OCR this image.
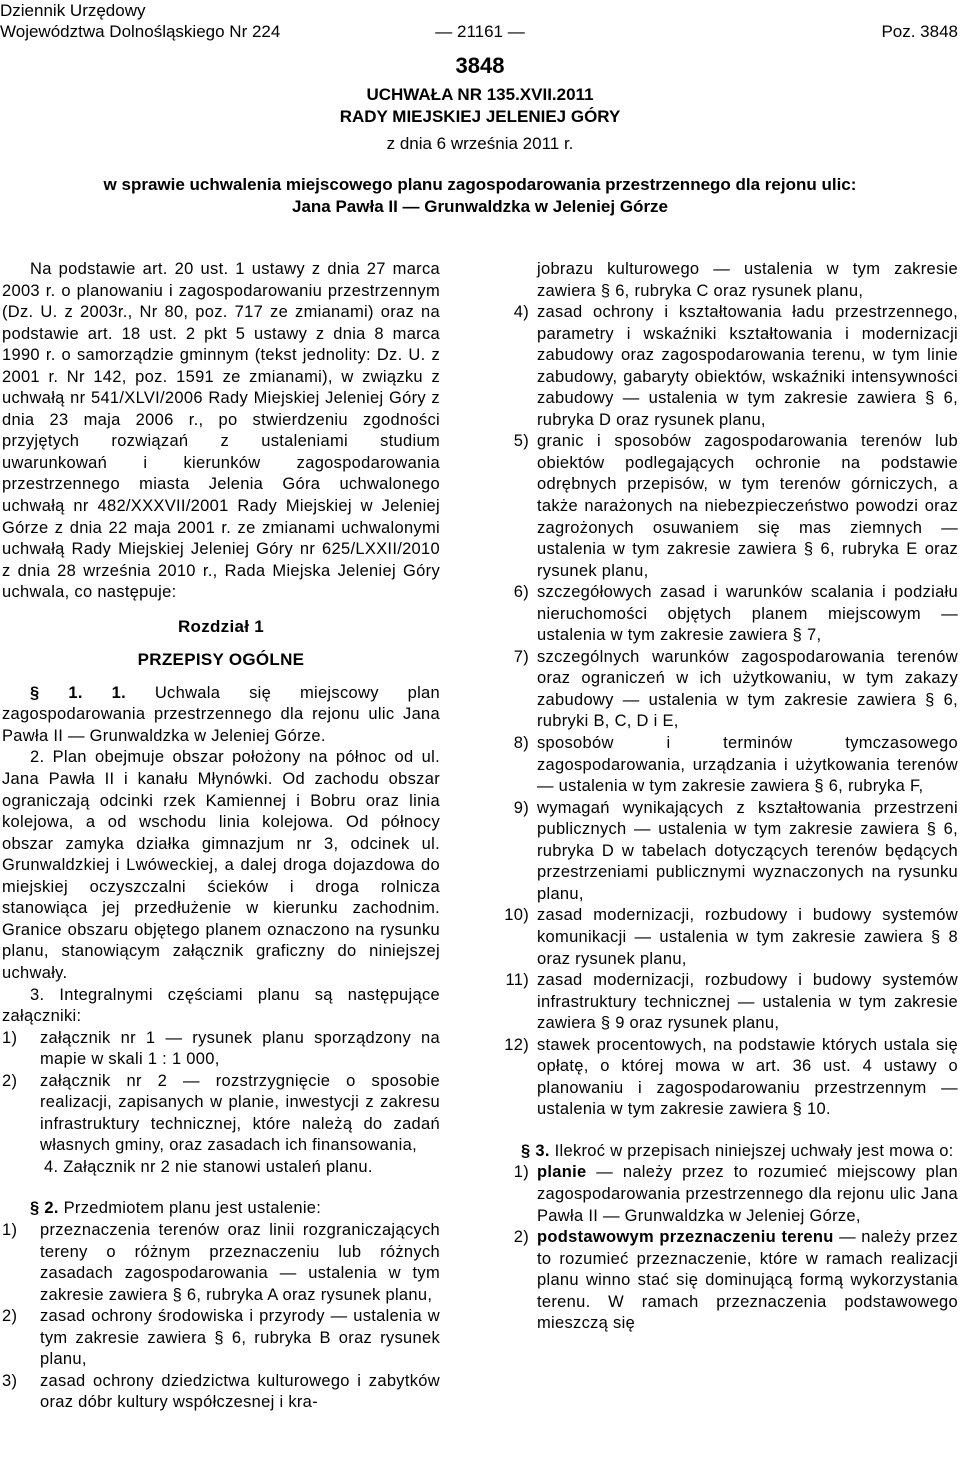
Dziennik Urzędowy
Województwa Dolnośląskiego Nr 224	— 21161 —	Poz. 3848
3848
UCHWAŁA NR 135.XVII.2011
RADY MIEJSKIEJ JELENIEJ GÓRY
z dnia 6 września 2011 r.
w sprawie uchwalenia miejscowego planu zagospodarowania przestrzennego dla rejonu ulic:
Jana Pawła II — Grunwaldzka w Jeleniej Górze

Na podstawie art. 20 ust. 1 ustawy z dnia 27 marca 2003 r. o planowaniu i zagospodarowaniu przestrzennym (Dz. U. z 2003r., Nr 80, poz. 717 ze zmianami) oraz na podstawie art. 18 ust. 2 pkt 5 ustawy z dnia 8 marca 1990 r. o samorządzie gminnym (tekst jednolity: Dz. U. z 2001 r. Nr 142, poz. 1591 ze zmianami), w związku z uchwałą nr 541/XLVI/2006 Rady Miejskiej Jeleniej Góry z dnia 23 maja 2006 r., po stwierdzeniu zgodności przyjętych rozwiązań z ustaleniami studium uwarunkowań i kierunków zagospodarowania przestrzennego miasta Jelenia Góra uchwalonego uchwałą nr 482/XXXVII/2001 Rady Miejskiej w Jeleniej Górze z dnia 22 maja 2001 r. ze zmianami uchwalonymi uchwałą Rady Miejskiej Jeleniej Góry nr 625/LXXII/2010 z dnia 28 września 2010 r., Rada Miejska Jeleniej Góry uchwala, co następuje:

Rozdział 1

PRZEPISY OGÓLNE

§ 1. 1. Uchwala się miejscowy plan zagospodarowania przestrzennego dla rejonu ulic Jana Pawła II — Grunwaldzka w Jeleniej Górze.

2. Plan obejmuje obszar położony na północ od ul. Jana Pawła II i kanału Młynówki. Od zachodu obszar ograniczają odcinki rzek Kamiennej i Bobru oraz linia kolejowa, a od wschodu linia kolejowa. Od północy obszar zamyka działka gimnazjum nr 3, odcinek ul. Grunwaldzkiej i Lwóweckiej, a dalej droga dojazdowa do miejskiej oczyszczalni ścieków i droga rolnicza stanowiąca jej przedłużenie w kierunku zachodnim. Granice obszaru objętego planem oznaczono na rysunku planu, stanowiącym załącznik graficzny do niniejszej uchwały.

3. Integralnymi częściami planu są następujące załączniki:

1)	załącznik nr 1 — rysunek planu sporządzony na mapie w skali 1 : 1 000,
2)	załącznik nr 2 — rozstrzygnięcie o sposobie realizacji, zapisanych w planie, inwestycji z zakresu infrastruktury technicznej, które należą do zadań własnych gminy, oraz zasadach ich finansowania,

4. Załącznik nr 2 nie stanowi ustaleń planu.

§ 2. Przedmiotem planu jest ustalenie:

1)	przeznaczenia terenów oraz linii rozgraniczających tereny o różnym przeznaczeniu lub różnych zasadach zagospodarowania — ustalenia w tym zakresie zawiera § 6, rubryka A oraz rysunek planu,
2)	zasad ochrony środowiska i przyrody — ustalenia w tym zakresie zawiera § 6, rubryka B oraz rysunek planu,
3)	zasad ochrony dziedzictwa kulturowego i zabytków oraz dóbr kultury współczesnej i kra-
jobrazu kulturowego — ustalenia w tym zakresie zawiera § 6, rubryka C oraz rysunek planu,
4) zasad ochrony i kształtowania ładu przestrzennego, parametry i wskaźniki kształtowania i modernizacji zabudowy oraz zagospodarowania terenu, w tym linie zabudowy, gabaryty obiektów, wskaźniki intensywności zabudowy — ustalenia w tym zakresie zawiera § 6, rubryka D oraz rysunek planu,
5) granic i sposobów zagospodarowania terenów lub obiektów podlegających ochronie na podstawie odrębnych przepisów, w tym terenów górniczych, a także narażonych na niebezpieczeństwo powodzi oraz zagrożonych osuwaniem się mas ziemnych — ustalenia w tym zakresie zawiera § 6, rubryka E oraz rysunek planu,
6) szczegółowych zasad i warunków scalania i podziału nieruchomości objętych planem miejscowym — ustalenia w tym zakresie zawiera § 7,
7) szczególnych warunków zagospodarowania terenów oraz ograniczeń w ich użytkowaniu, w tym zakazy zabudowy — ustalenia w tym zakresie zawiera § 6, rubryki B, C, D i E,
8) sposobów i terminów tymczasowego zagospodarowania, urządzania i użytkowania terenów — ustalenia w tym zakresie zawiera § 6, rubryka F,
9) wymagań wynikających z kształtowania przestrzeni publicznych — ustalenia w tym zakresie zawiera § 6, rubryka D w tabelach dotyczących terenów będących przestrzeniami publicznymi wyznaczonych na rysunku planu,
10) zasad modernizacji, rozbudowy i budowy systemów komunikacji — ustalenia w tym zakresie zawiera § 8 oraz rysunek planu,
11) zasad modernizacji, rozbudowy i budowy systemów infrastruktury technicznej — ustalenia w tym zakresie zawiera § 9 oraz rysunek planu,
12) stawek procentowych, na podstawie których ustala się opłatę, o której mowa w art. 36 ust. 4 ustawy o planowaniu i zagospodarowaniu przestrzennym — ustalenia w tym zakresie zawiera § 10.

§ 3. Ilekroć w przepisach niniejszej uchwały jest mowa o:

1) planie — należy przez to rozumieć miejscowy plan zagospodarowania przestrzennego dla rejonu ulic Jana Pawła II — Grunwaldzka w Jeleniej Górze,
2) podstawowym przeznaczeniu terenu — należy przez to rozumieć przeznaczenie, które w ramach realizacji planu winno stać się dominującą formą wykorzystania terenu. W ramach przeznaczenia podstawowego mieszczą się
